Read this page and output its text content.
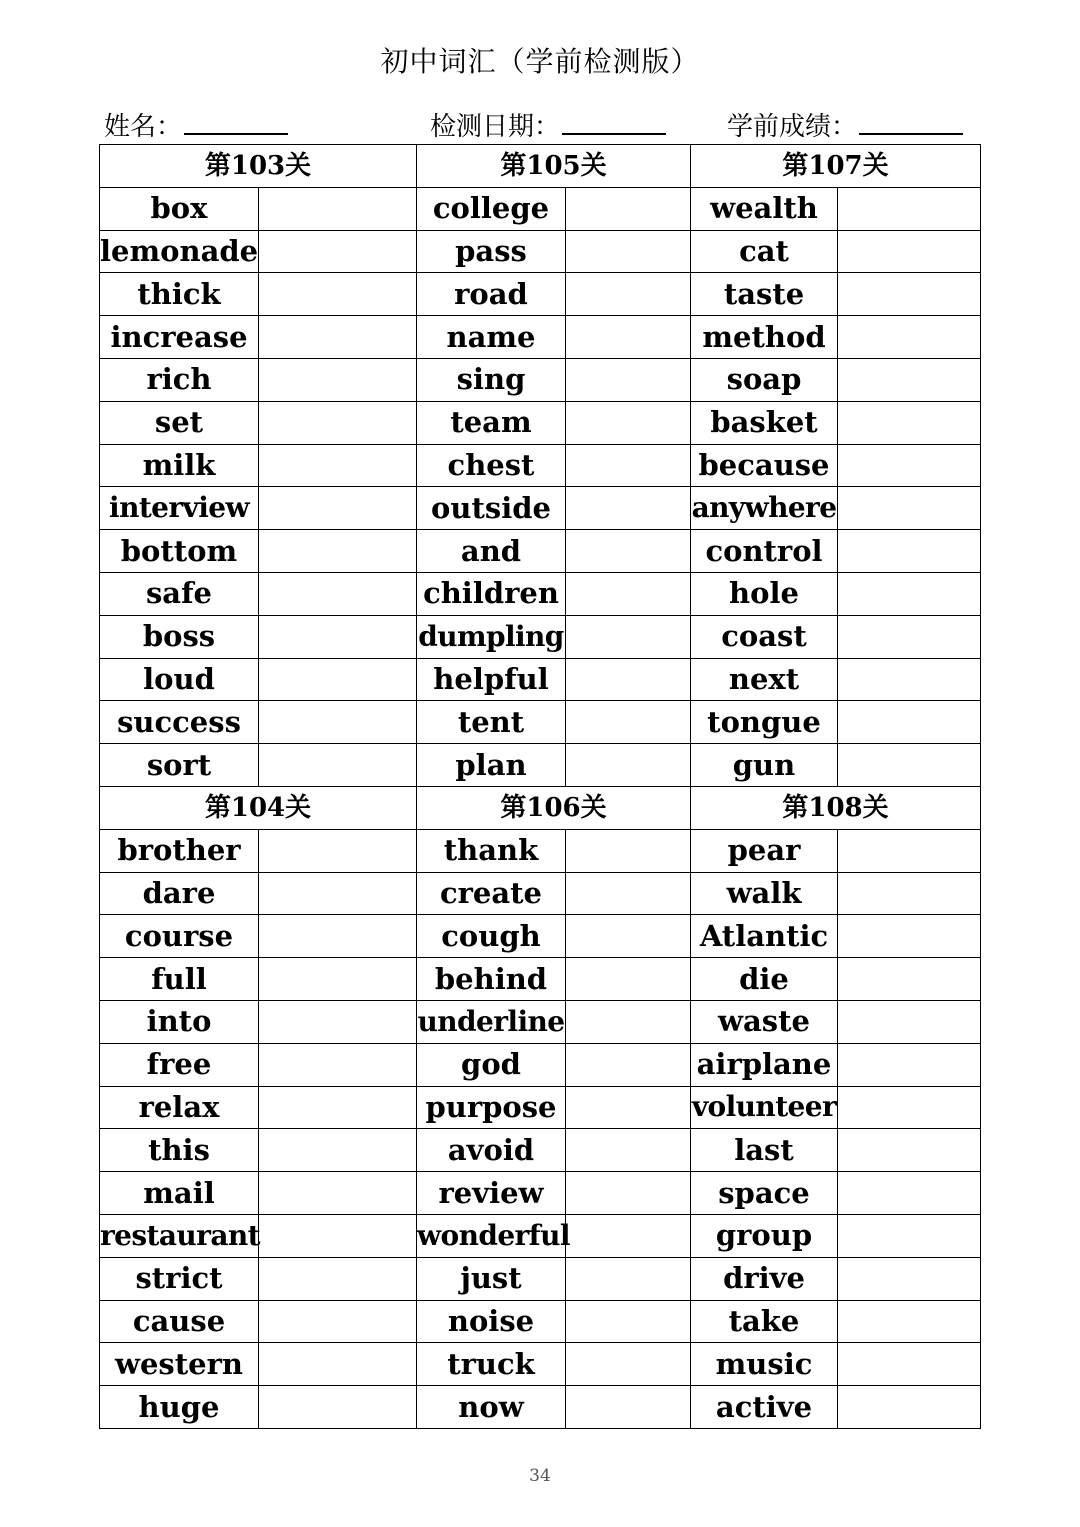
初中词汇（学前检测版）
姓名：	检测日期：	学前成绩：
第103关		第105关		第107关	
box		college		wealth	
lemonade		pass		cat	
thick		road		taste	
increase		name		method	
rich		sing		soap	
set		team		basket	
milk		chest		because	
interview		outside		anywhere	
bottom		and		control	
safe		children		hole	
boss		dumpling		coast	
loud		helpful		next	
success		tent		tongue	
sort		plan		gun	
第104关		第106关		第108关	
brother		thank		pear	
dare		create		walk	
course		cough		Atlantic	
full		behind		die	
into		underline		waste	
free		god		airplane	
relax		purpose		volunteer	
this		avoid		last	
mail		review		space	
restaurant		wonderful		group	
strict		just		drive	
cause		noise		take	
western		truck		music	
huge		now		active	
34
